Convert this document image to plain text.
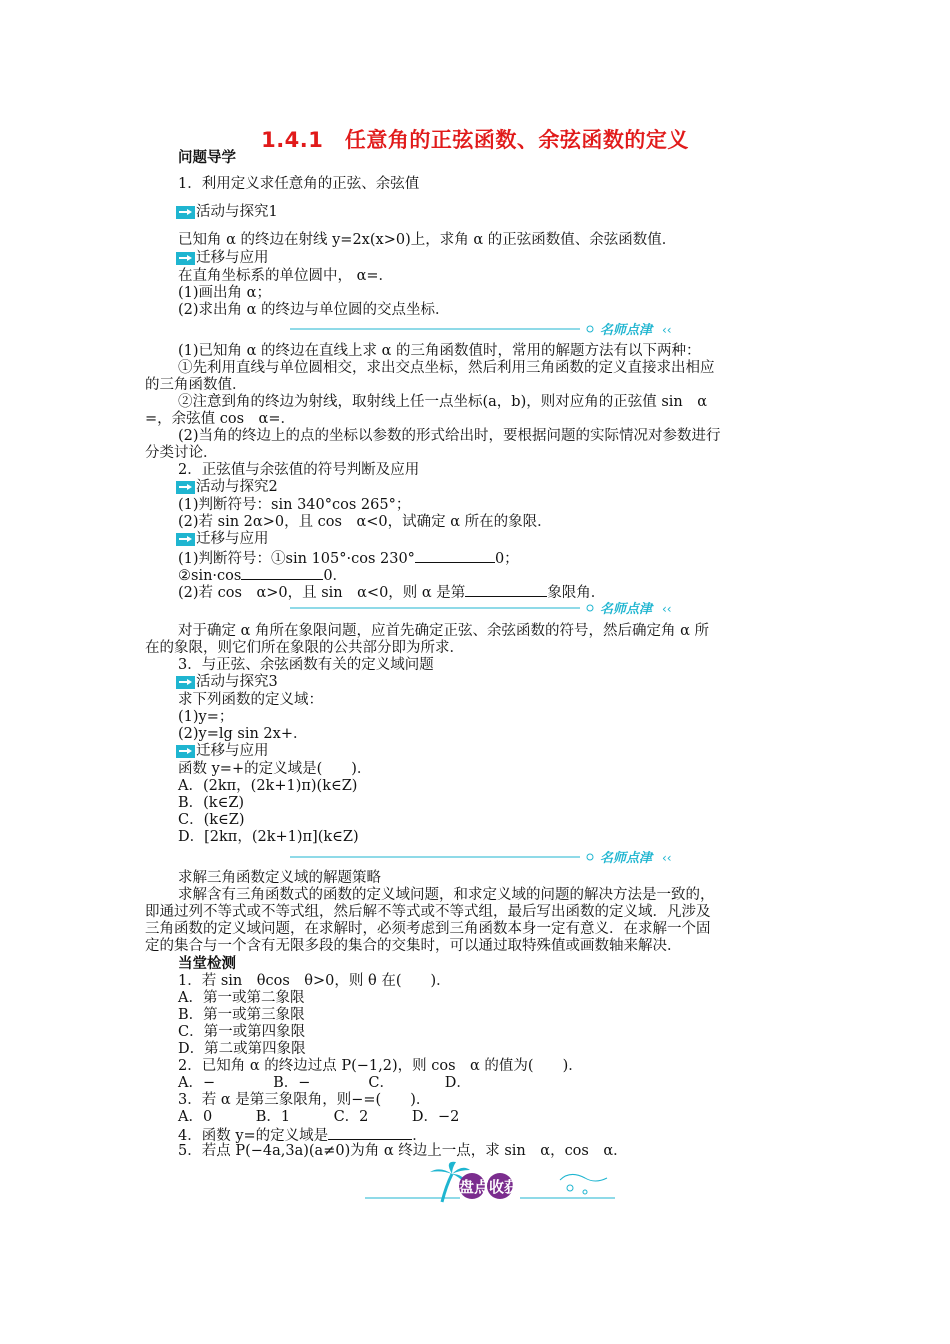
1.4.1　任意角的正弦函数、余弦函数的定义
问题导学
1．利用定义求任意角的正弦、余弦值
活动与探究1
已知角 α 的终边在射线 y=2x(x>0)上，求角 α 的正弦函数值、余弦函数值．
迁移与应用
在直角坐标系的单位圆中， α=．
(1)画出角 α；
(2)求出角 α 的终边与单位圆的交点坐标．
名师点津 ‹‹
(1)已知角 α 的终边在直线上求 α 的三角函数值时，常用的解题方法有以下两种：
①先利用直线与单位圆相交，求出交点坐标，然后利用三角函数的定义直接求出相应
的三角函数值．
②注意到角的终边为射线，取射线上任一点坐标(a，b)，则对应角的正弦值 sin　α
=，余弦值 cos　α=．
(2)当角的终边上的点的坐标以参数的形式给出时，要根据问题的实际情况对参数进行
分类讨论．
2．正弦值与余弦值的符号判断及应用
活动与探究2
(1)判断符号：sin 340°cos 265°；
(2)若 sin 2α>0，且 cos　α<0，试确定 α 所在的象限．
迁移与应用
(1)判断符号：①sin 105°·cos 230°	0；
②sin·cos	0．
(2)若 cos　α>0，且 sin　α<0，则 α 是第	象限角．
名师点津 ‹‹
对于确定 α 角所在象限问题，应首先确定正弦、余弦函数的符号，然后确定角 α 所
在的象限，则它们所在象限的公共部分即为所求．
3．与正弦、余弦函数有关的定义域问题
活动与探究3
求下列函数的定义域：
(1)y=；
(2)y=lg sin 2x+．
迁移与应用
函数 y=+的定义域是(　　)．
A．(2kπ，(2k+1)π)(k∈Z)
B．(k∈Z)
C．(k∈Z)
D．[2kπ，(2k+1)π](k∈Z)
名师点津 ‹‹
求解三角函数定义域的解题策略
求解含有三角函数式的函数的定义域问题，和求定义域的问题的解决方法是一致的，
即通过列不等式或不等式组，然后解不等式或不等式组，最后写出函数的定义域．凡涉及
三角函数的定义域问题，在求解时，必须考虑到三角函数本身一定有意义．在求解一个固
定的集合与一个含有无限多段的集合的交集时，可以通过取特殊值或画数轴来解决．
当堂检测
1．若 sin　θcos　θ>0，则 θ 在(　　)．
A．第一或第二象限
B．第一或第三象限
C．第一或第四象限
D．第二或第四象限
2．已知角 α 的终边过点 P(−1,2)，则 cos　α 的值为(　　)．
A．−　　　　B．−　　　　C．　　　　D．
3．若 α 是第三象限角，则−=(　　)．
A．0　　　B．1　　　C．2　　　D．−2
4．函数 y=的定义域是	．
5．若点 P(−4a,3a)(a≠0)为角 α 终边上一点，求 sin　α，cos　α．
盘点收获
